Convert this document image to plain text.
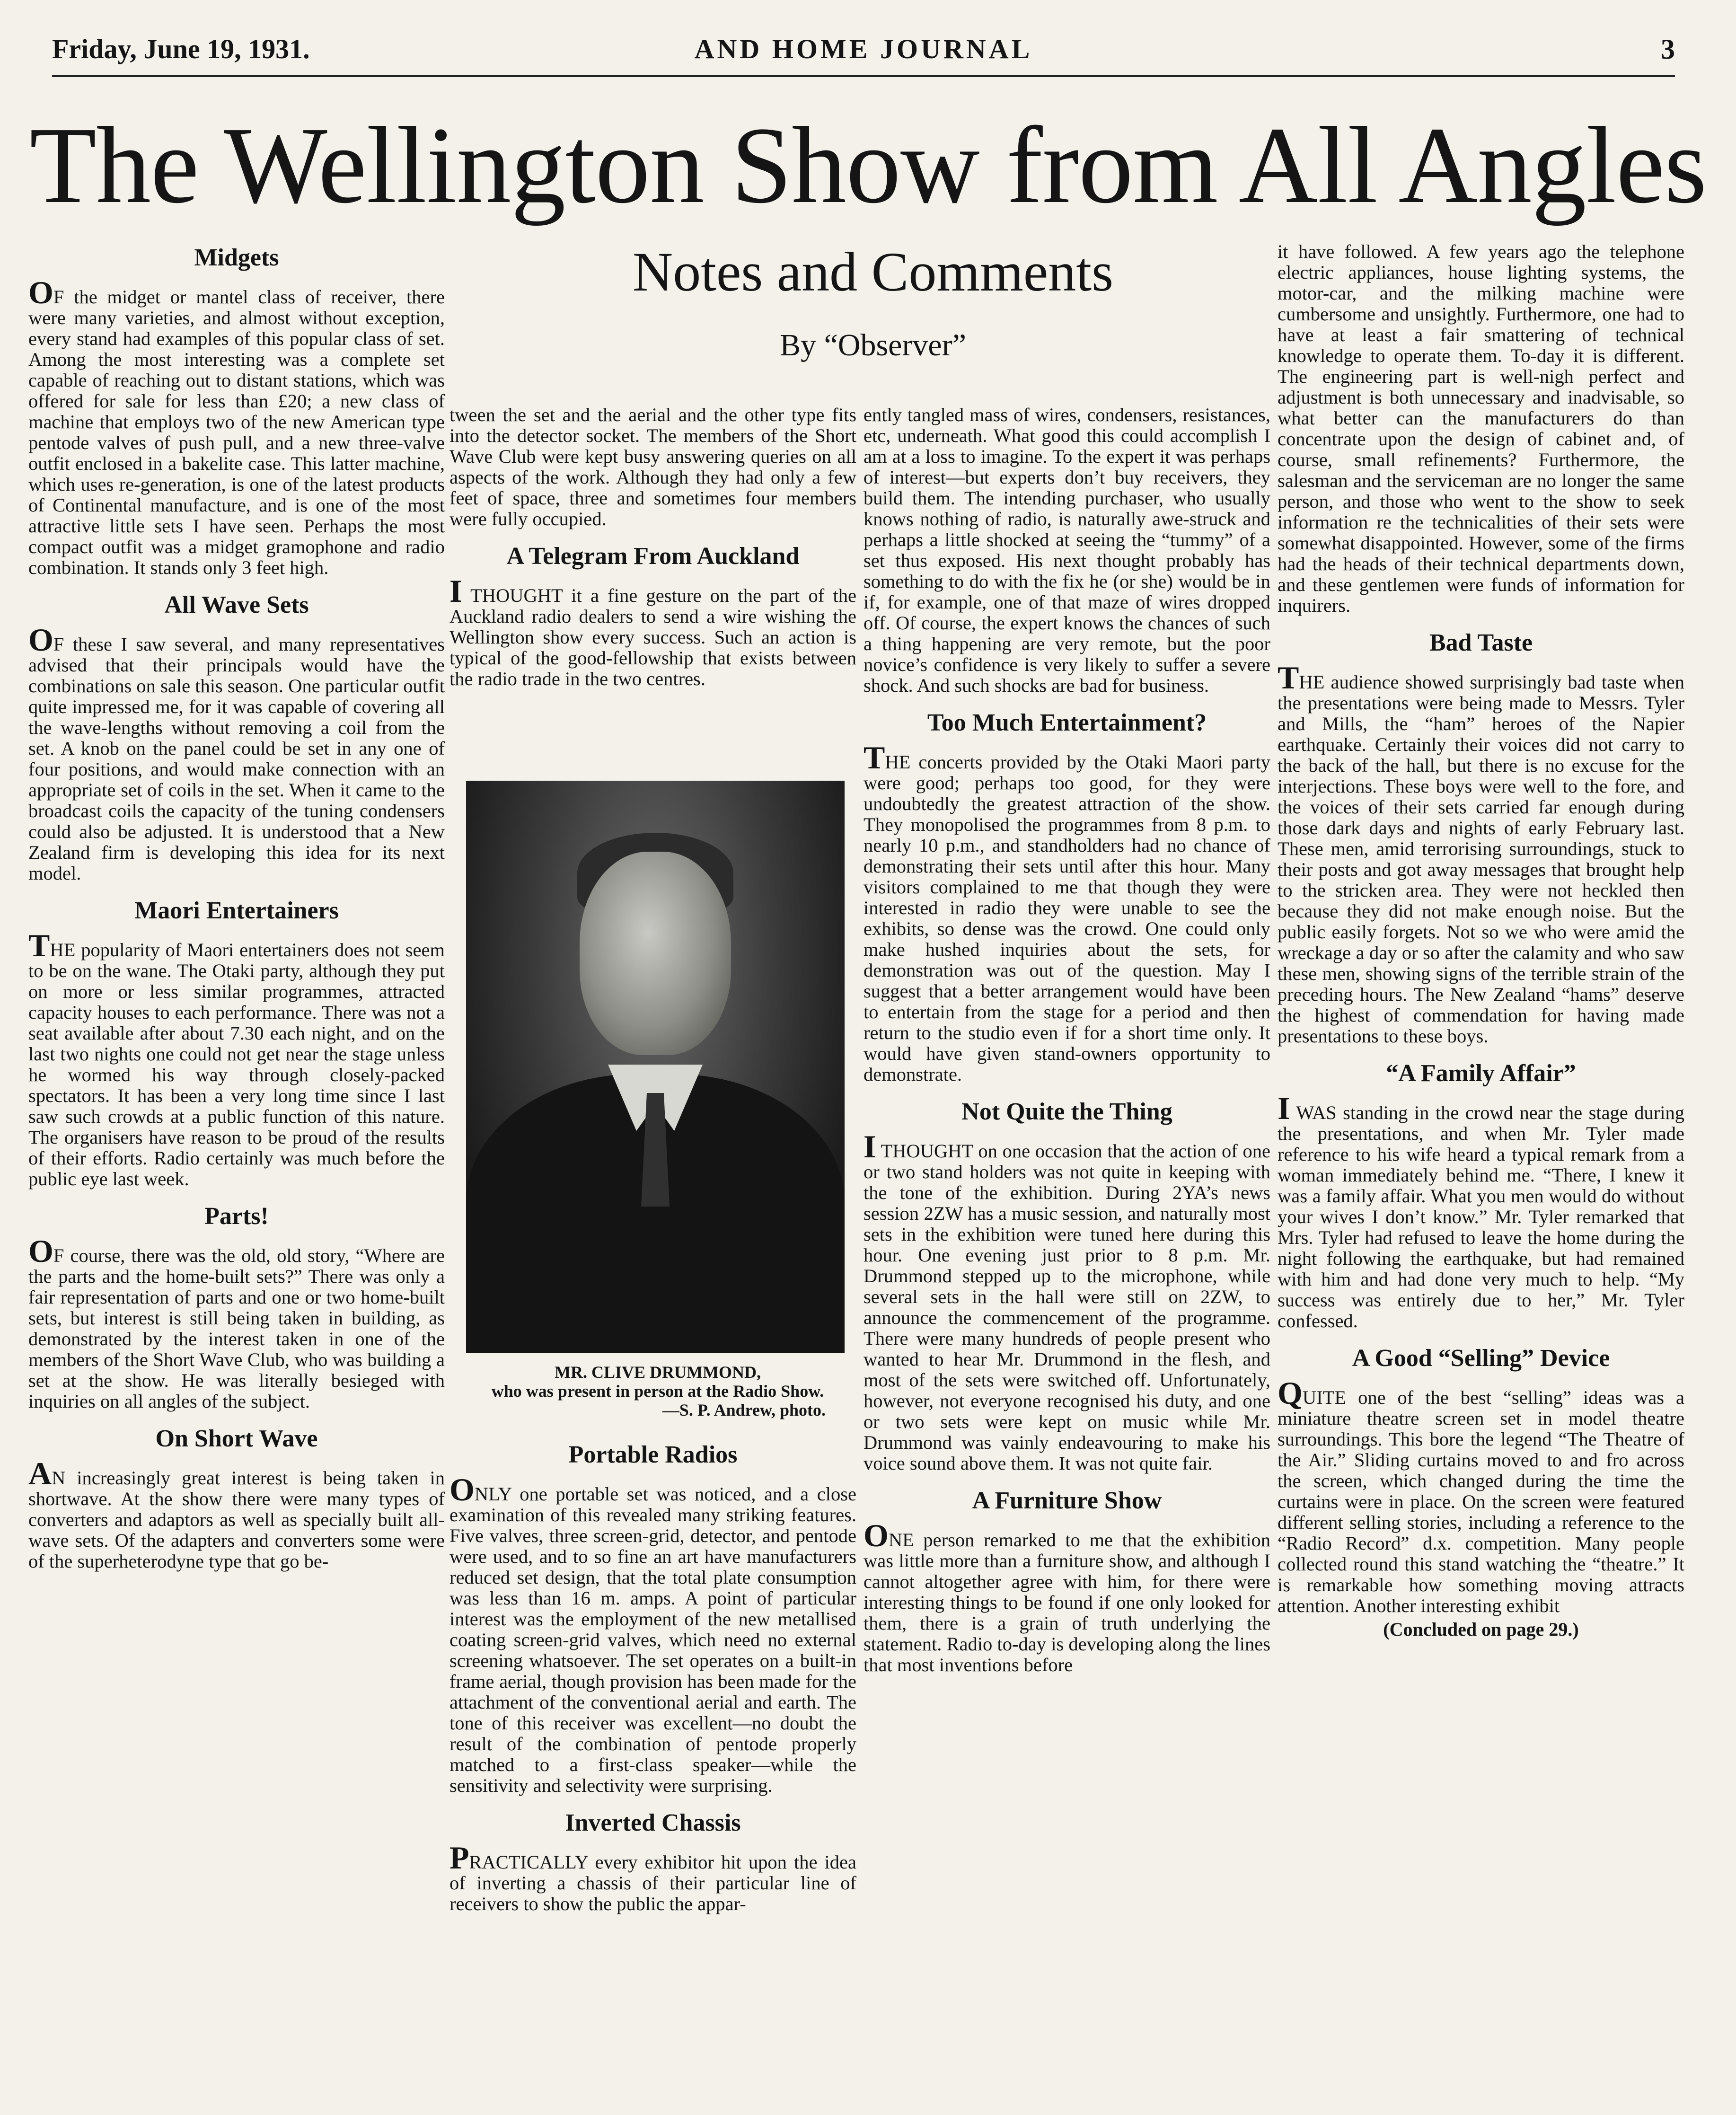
Friday, June 19, 1931.	AND HOME JOURNAL	3
The Wellington Show from All Angles
Notes and Comments
By “Observer”
Midgets

OF the midget or mantel class of receiver, there were many varieties, and almost without exception, every stand had examples of this popular class of set. Among the most interesting was a complete set capable of reaching out to distant stations, which was offered for sale for less than £20; a new class of machine that employs two of the new American type pentode valves of push pull, and a new three-valve outfit enclosed in a bakelite case. This latter machine, which uses re-generation, is one of the latest products of Continental manufacture, and is one of the most attractive little sets I have seen. Perhaps the most compact outfit was a midget gramophone and radio combination. It stands only 3 feet high.

All Wave Sets

OF these I saw several, and many representatives advised that their principals would have the combinations on sale this season. One particular outfit quite impressed me, for it was capable of covering all the wave-lengths without removing a coil from the set. A knob on the panel could be set in any one of four positions, and would make connection with an appropriate set of coils in the set. When it came to the broadcast coils the capacity of the tuning condensers could also be adjusted. It is understood that a New Zealand firm is developing this idea for its next model.

Maori Entertainers

THE popularity of Maori entertainers does not seem to be on the wane. The Otaki party, although they put on more or less similar programmes, attracted capacity houses to each performance. There was not a seat available after about 7.30 each night, and on the last two nights one could not get near the stage unless he wormed his way through closely-packed spectators. It has been a very long time since I last saw such crowds at a public function of this nature. The organisers have reason to be proud of the results of their efforts. Radio certainly was much before the public eye last week.

Parts!

OF course, there was the old, old story, “Where are the parts and the home-built sets?” There was only a fair representation of parts and one or two home-built sets, but interest is still being taken in building, as demonstrated by the interest taken in one of the members of the Short Wave Club, who was building a set at the show. He was literally besieged with inquiries on all angles of the subject.

On Short Wave

AN increasingly great interest is being taken in shortwave. At the show there were many types of converters and adaptors as well as specially built all-wave sets. Of the adapters and converters some were of the superheterodyne type that go be-

tween the set and the aerial and the other type fits into the detector socket. The members of the Short Wave Club were kept busy answering queries on all aspects of the work. Although they had only a few feet of space, three and sometimes four members were fully occupied.

A Telegram From Auckland

I THOUGHT it a fine gesture on the part of the Auckland radio dealers to send a wire wishing the Wellington show every success. Such an action is typical of the good-fellowship that exists between the radio trade in the two centres.

MR. CLIVE DRUMMOND,
who was present in person at the Radio Show.
—S. P. Andrew, photo.
Portable Radios

ONLY one portable set was noticed, and a close examination of this revealed many striking features. Five valves, three screen-grid, detector, and pentode were used, and to so fine an art have manufacturers reduced set design, that the total plate consumption was less than 16 m. amps. A point of particular interest was the employment of the new metallised coating screen-grid valves, which need no external screening whatsoever. The set operates on a built-in frame aerial, though provision has been made for the attachment of the conventional aerial and earth. The tone of this receiver was excellent—no doubt the result of the combination of pentode properly matched to a first-class speaker—while the sensitivity and selectivity were surprising.

Inverted Chassis

PRACTICALLY every exhibitor hit upon the idea of inverting a chassis of their particular line of receivers to show the public the appar-

ently tangled mass of wires, condensers, resistances, etc, underneath. What good this could accomplish I am at a loss to imagine. To the expert it was perhaps of interest—but experts don’t buy receivers, they build them. The intending purchaser, who usually knows nothing of radio, is naturally awe-struck and perhaps a little shocked at seeing the “tummy” of a set thus exposed. His next thought probably has something to do with the fix he (or she) would be in if, for example, one of that maze of wires dropped off. Of course, the expert knows the chances of such a thing happening are very remote, but the poor novice’s confidence is very likely to suffer a severe shock. And such shocks are bad for business.

Too Much Entertainment?

THE concerts provided by the Otaki Maori party were good; perhaps too good, for they were undoubtedly the greatest attraction of the show. They monopolised the programmes from 8 p.m. to nearly 10 p.m., and standholders had no chance of demonstrating their sets until after this hour. Many visitors complained to me that though they were interested in radio they were unable to see the exhibits, so dense was the crowd. One could only make hushed inquiries about the sets, for demonstration was out of the question. May I suggest that a better arrangement would have been to entertain from the stage for a period and then return to the studio even if for a short time only. It would have given stand-owners opportunity to demonstrate.

Not Quite the Thing

I THOUGHT on one occasion that the action of one or two stand holders was not quite in keeping with the tone of the exhibition. During 2YA’s news session 2ZW has a music session, and naturally most sets in the exhibition were tuned here during this hour. One evening just prior to 8 p.m. Mr. Drummond stepped up to the microphone, while several sets in the hall were still on 2ZW, to announce the commencement of the programme. There were many hundreds of people present who wanted to hear Mr. Drummond in the flesh, and most of the sets were switched off. Unfortunately, however, not everyone recognised his duty, and one or two sets were kept on music while Mr. Drummond was vainly endeavouring to make his voice sound above them. It was not quite fair.

A Furniture Show

ONE person remarked to me that the exhibition was little more than a furniture show, and although I cannot altogether agree with him, for there were interesting things to be found if one only looked for them, there is a grain of truth underlying the statement. Radio to-day is developing along the lines that most inventions before

it have followed. A few years ago the telephone electric appliances, house lighting systems, the motor-car, and the milking machine were cumbersome and unsightly. Furthermore, one had to have at least a fair smattering of technical knowledge to operate them. To-day it is different. The engineering part is well-nigh perfect and adjustment is both unnecessary and inadvisable, so what better can the manufacturers do than concentrate upon the design of cabinet and, of course, small refinements? Furthermore, the salesman and the serviceman are no longer the same person, and those who went to the show to seek information re the technicalities of their sets were somewhat disappointed. However, some of the firms had the heads of their technical departments down, and these gentlemen were funds of information for inquirers.

Bad Taste

THE audience showed surprisingly bad taste when the presentations were being made to Messrs. Tyler and Mills, the “ham” heroes of the Napier earthquake. Certainly their voices did not carry to the back of the hall, but there is no excuse for the interjections. These boys were well to the fore, and the voices of their sets carried far enough during those dark days and nights of early February last. These men, amid terrorising surroundings, stuck to their posts and got away messages that brought help to the stricken area. They were not heckled then because they did not make enough noise. But the public easily forgets. Not so we who were amid the wreckage a day or so after the calamity and who saw these men, showing signs of the terrible strain of the preceding hours. The New Zealand “hams” deserve the highest of commendation for having made presentations to these boys.

“A Family Affair”

I WAS standing in the crowd near the stage during the presentations, and when Mr. Tyler made reference to his wife heard a typical remark from a woman immediately behind me. “There, I knew it was a family affair. What you men would do without your wives I don’t know.” Mr. Tyler remarked that Mrs. Tyler had refused to leave the home during the night following the earthquake, but had remained with him and had done very much to help. “My success was entirely due to her,” Mr. Tyler confessed.

A Good “Selling” Device

QUITE one of the best “selling” ideas was a miniature theatre screen set in model theatre surroundings. This bore the legend “The Theatre of the Air.” Sliding curtains moved to and fro across the screen, which changed during the time the curtains were in place. On the screen were featured different selling stories, including a reference to the “Radio Record” d.x. competition. Many people collected round this stand watching the “theatre.” It is remarkable how something moving attracts attention. Another interesting exhibit

(Concluded on page 29.)
